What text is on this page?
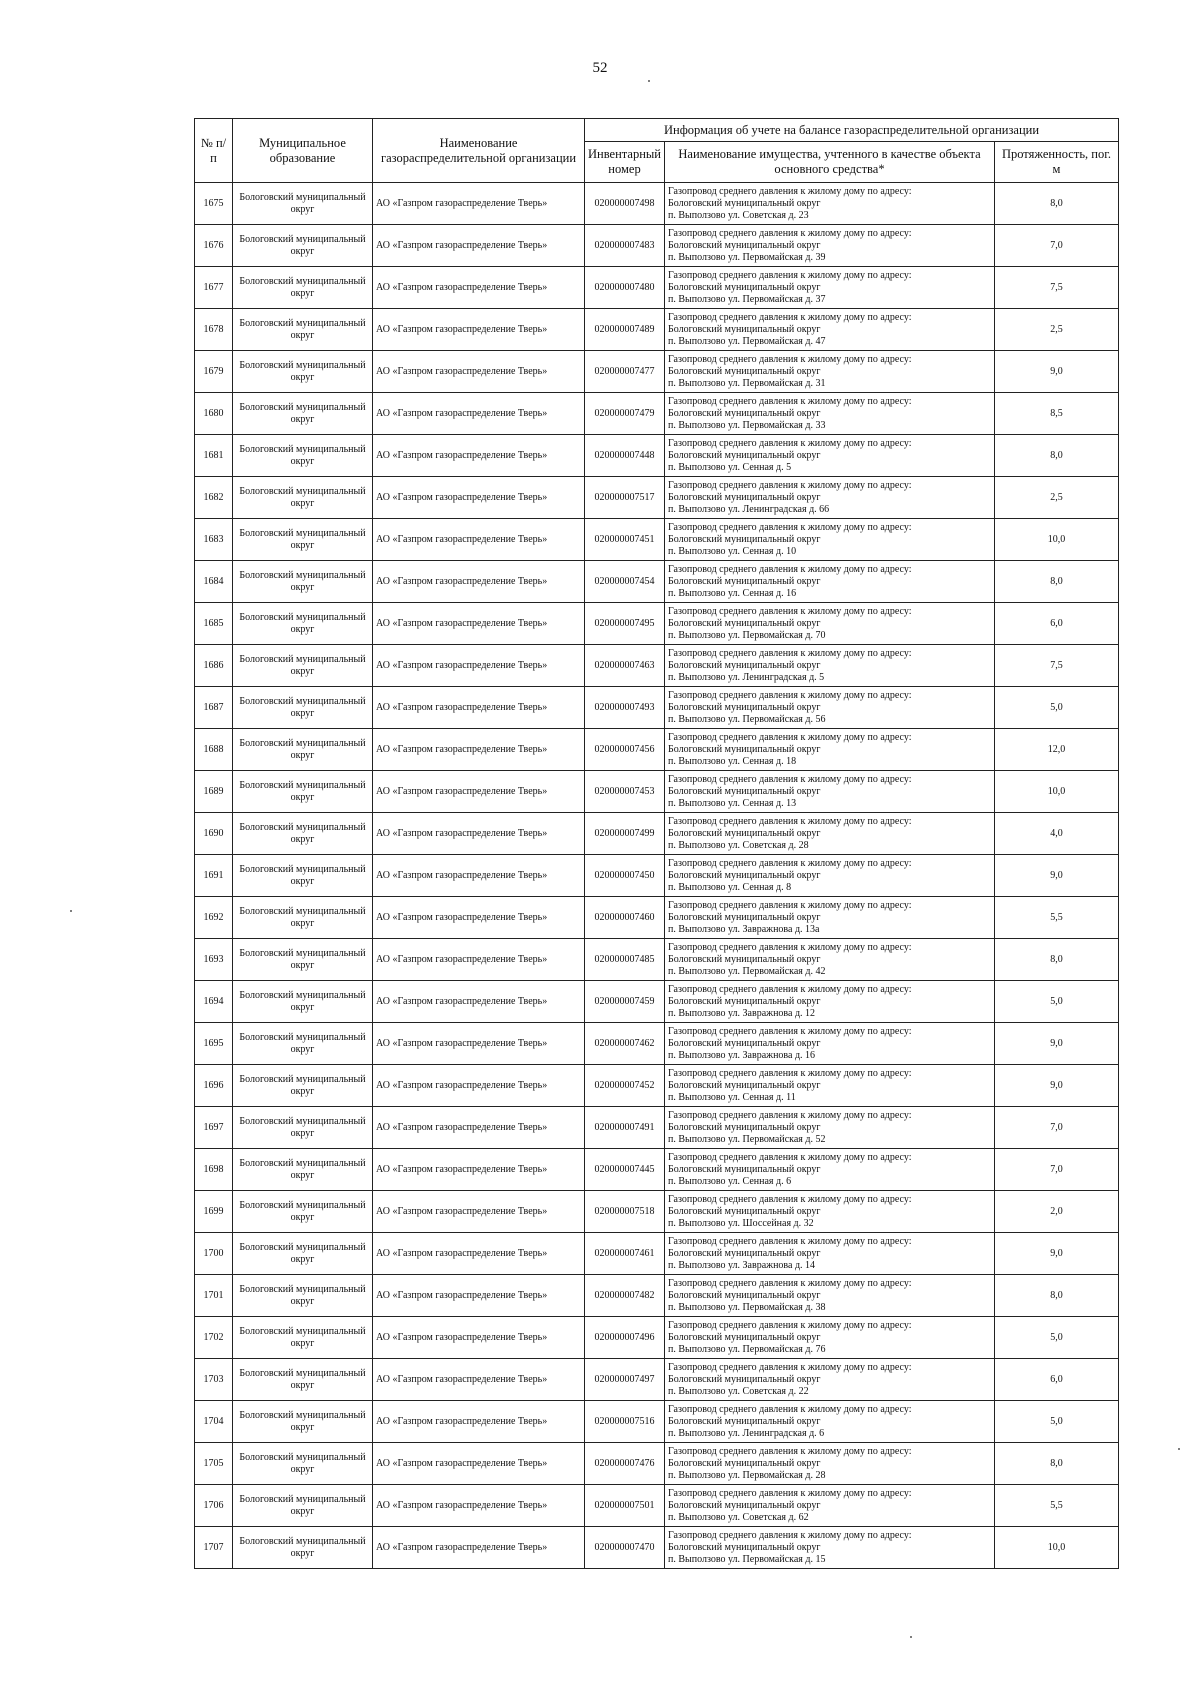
52
№ п/п	Муниципальное образование	Наименование газораспределительной организации	Информация об учете на балансе газораспределительной организации		
			Инвентарный номер	Наименование имущества, учтенного в качестве объекта основного средства*	Протяженность, пог. м
1675	Бологовский муниципальный округ	АО «Газпром газораспределение Тверь»	020000007498	Газопровод среднего давления к жилому дому по адресу:
Бологовский муниципальный округ
п. Выползово ул. Советская д. 23	8,0
1676	Бологовский муниципальный округ	АО «Газпром газораспределение Тверь»	020000007483	Газопровод среднего давления к жилому дому по адресу:
Бологовский муниципальный округ
п. Выползово ул. Первомайская д. 39	7,0
1677	Бологовский муниципальный округ	АО «Газпром газораспределение Тверь»	020000007480	Газопровод среднего давления к жилому дому по адресу:
Бологовский муниципальный округ
п. Выползово ул. Первомайская д. 37	7,5
1678	Бологовский муниципальный округ	АО «Газпром газораспределение Тверь»	020000007489	Газопровод среднего давления к жилому дому по адресу:
Бологовский муниципальный округ
п. Выползово ул. Первомайская д. 47	2,5
1679	Бологовский муниципальный округ	АО «Газпром газораспределение Тверь»	020000007477	Газопровод среднего давления к жилому дому по адресу:
Бологовский муниципальный округ
п. Выползово ул. Первомайская д. 31	9,0
1680	Бологовский муниципальный округ	АО «Газпром газораспределение Тверь»	020000007479	Газопровод среднего давления к жилому дому по адресу:
Бологовский муниципальный округ
п. Выползово ул. Первомайская д. 33	8,5
1681	Бологовский муниципальный округ	АО «Газпром газораспределение Тверь»	020000007448	Газопровод среднего давления к жилому дому по адресу:
Бологовский муниципальный округ
п. Выползово ул. Сенная д. 5	8,0
1682	Бологовский муниципальный округ	АО «Газпром газораспределение Тверь»	020000007517	Газопровод среднего давления к жилому дому по адресу:
Бологовский муниципальный округ
п. Выползово ул. Ленинградская д. 66	2,5
1683	Бологовский муниципальный округ	АО «Газпром газораспределение Тверь»	020000007451	Газопровод среднего давления к жилому дому по адресу:
Бологовский муниципальный округ
п. Выползово ул. Сенная д. 10	10,0
1684	Бологовский муниципальный округ	АО «Газпром газораспределение Тверь»	020000007454	Газопровод среднего давления к жилому дому по адресу:
Бологовский муниципальный округ
п. Выползово ул. Сенная д. 16	8,0
1685	Бологовский муниципальный округ	АО «Газпром газораспределение Тверь»	020000007495	Газопровод среднего давления к жилому дому по адресу:
Бологовский муниципальный округ
п. Выползово ул. Первомайская д. 70	6,0
1686	Бологовский муниципальный округ	АО «Газпром газораспределение Тверь»	020000007463	Газопровод среднего давления к жилому дому по адресу:
Бологовский муниципальный округ
п. Выползово ул. Ленинградская д. 5	7,5
1687	Бологовский муниципальный округ	АО «Газпром газораспределение Тверь»	020000007493	Газопровод среднего давления к жилому дому по адресу:
Бологовский муниципальный округ
п. Выползово ул. Первомайская д. 56	5,0
1688	Бологовский муниципальный округ	АО «Газпром газораспределение Тверь»	020000007456	Газопровод среднего давления к жилому дому по адресу:
Бологовский муниципальный округ
п. Выползово ул. Сенная д. 18	12,0
1689	Бологовский муниципальный округ	АО «Газпром газораспределение Тверь»	020000007453	Газопровод среднего давления к жилому дому по адресу:
Бологовский муниципальный округ
п. Выползово ул. Сенная д. 13	10,0
1690	Бологовский муниципальный округ	АО «Газпром газораспределение Тверь»	020000007499	Газопровод среднего давления к жилому дому по адресу:
Бологовский муниципальный округ
п. Выползово ул. Советская д. 28	4,0
1691	Бологовский муниципальный округ	АО «Газпром газораспределение Тверь»	020000007450	Газопровод среднего давления к жилому дому по адресу:
Бологовский муниципальный округ
п. Выползово ул. Сенная д. 8	9,0
1692	Бологовский муниципальный округ	АО «Газпром газораспределение Тверь»	020000007460	Газопровод среднего давления к жилому дому по адресу:
Бологовский муниципальный округ
п. Выползово ул. Завражнова д. 13а	5,5
1693	Бологовский муниципальный округ	АО «Газпром газораспределение Тверь»	020000007485	Газопровод среднего давления к жилому дому по адресу:
Бологовский муниципальный округ
п. Выползово ул. Первомайская д. 42	8,0
1694	Бологовский муниципальный округ	АО «Газпром газораспределение Тверь»	020000007459	Газопровод среднего давления к жилому дому по адресу:
Бологовский муниципальный округ
п. Выползово ул. Завражнова д. 12	5,0
1695	Бологовский муниципальный округ	АО «Газпром газораспределение Тверь»	020000007462	Газопровод среднего давления к жилому дому по адресу:
Бологовский муниципальный округ
п. Выползово ул. Завражнова д. 16	9,0
1696	Бологовский муниципальный округ	АО «Газпром газораспределение Тверь»	020000007452	Газопровод среднего давления к жилому дому по адресу:
Бологовский муниципальный округ
п. Выползово ул. Сенная д. 11	9,0
1697	Бологовский муниципальный округ	АО «Газпром газораспределение Тверь»	020000007491	Газопровод среднего давления к жилому дому по адресу:
Бологовский муниципальный округ
п. Выползово ул. Первомайская д. 52	7,0
1698	Бологовский муниципальный округ	АО «Газпром газораспределение Тверь»	020000007445	Газопровод среднего давления к жилому дому по адресу:
Бологовский муниципальный округ
п. Выползово ул. Сенная д. 6	7,0
1699	Бологовский муниципальный округ	АО «Газпром газораспределение Тверь»	020000007518	Газопровод среднего давления к жилому дому по адресу:
Бологовский муниципальный округ
п. Выползово ул. Шоссейная д. 32	2,0
1700	Бологовский муниципальный округ	АО «Газпром газораспределение Тверь»	020000007461	Газопровод среднего давления к жилому дому по адресу:
Бологовский муниципальный округ
п. Выползово ул. Завражнова д. 14	9,0
1701	Бологовский муниципальный округ	АО «Газпром газораспределение Тверь»	020000007482	Газопровод среднего давления к жилому дому по адресу:
Бологовский муниципальный округ
п. Выползово ул. Первомайская д. 38	8,0
1702	Бологовский муниципальный округ	АО «Газпром газораспределение Тверь»	020000007496	Газопровод среднего давления к жилому дому по адресу:
Бологовский муниципальный округ
п. Выползово ул. Первомайская д. 76	5,0
1703	Бологовский муниципальный округ	АО «Газпром газораспределение Тверь»	020000007497	Газопровод среднего давления к жилому дому по адресу:
Бологовский муниципальный округ
п. Выползово ул. Советская д. 22	6,0
1704	Бологовский муниципальный округ	АО «Газпром газораспределение Тверь»	020000007516	Газопровод среднего давления к жилому дому по адресу:
Бологовский муниципальный округ
п. Выползово ул. Ленинградская д. 6	5,0
1705	Бологовский муниципальный округ	АО «Газпром газораспределение Тверь»	020000007476	Газопровод среднего давления к жилому дому по адресу:
Бологовский муниципальный округ
п. Выползово ул. Первомайская д. 28	8,0
1706	Бологовский муниципальный округ	АО «Газпром газораспределение Тверь»	020000007501	Газопровод среднего давления к жилому дому по адресу:
Бологовский муниципальный округ
п. Выползово ул. Советская д. 62	5,5
1707	Бологовский муниципальный округ	АО «Газпром газораспределение Тверь»	020000007470	Газопровод среднего давления к жилому дому по адресу:
Бологовский муниципальный округ
п. Выползово ул. Первомайская д. 15	10,0
